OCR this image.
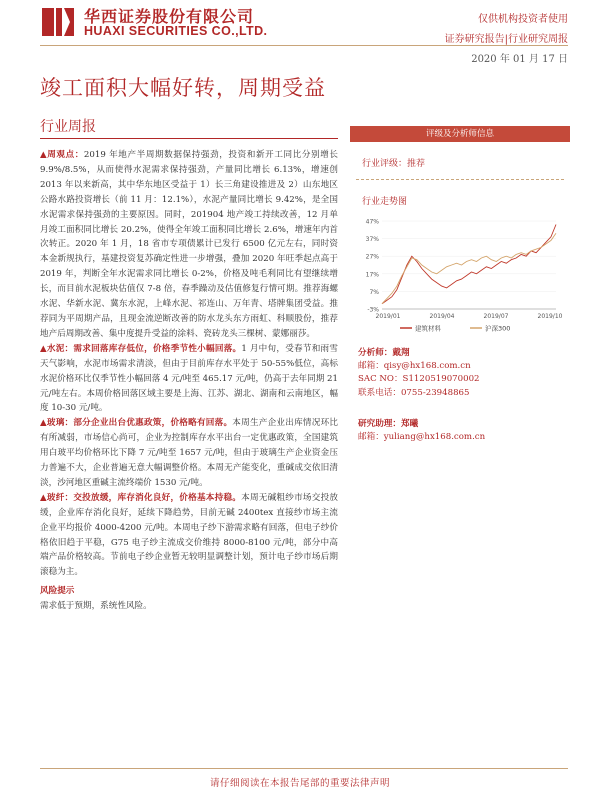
华西证券股份有限公司
HUAXI SECURITIES CO.,LTD.
仅供机构投资者使用
证券研究报告|行业研究周报
2020 年 01 月 17 日
竣工面积大幅好转，周期受益
行业周报

▲周观点：2019 年地产半周期数据保持强劲，投资和新开工同比分别增长 9.9%/8.5%，从而使得水泥需求保持强劲，产量同比增长 6.13%，增速创 2013 年以来新高，其中华东地区受益于 1）长三角建设推进及 2）山东地区公路水路投资增长（前 11 月：12.1%），水泥产量同比增长 9.42%，是全国水泥需求保持强劲的主要原因。同时，201904 地产竣工持续改善，12 月单月竣工面积同比增长 20.2%，使得全年竣工面积同比增长 2.6%，增速年内首次转正。2020 年 1 月，18 省市专项债累计已发行 6500 亿元左右，同时资本金新规执行，基建投资复苏确定性进一步增强，叠加 2020 年旺季起点高于 2019 年，判断全年水泥需求同比增长 0-2%，价格及吨毛利同比有望继续增长，而目前水泥板块估值仅 7-8 倍，春季躁动及估值修复行情可期。推荐海螺水泥、华新水泥、冀东水泥，上峰水泥、祁连山、万年青、塔牌集团受益。推荐同为平周期产品，且现金流逆断改善的防水龙头东方雨虹、科顺股份，推荐地产后周期改善、集中度提升受益的涂料、瓷砖龙头三棵树、蒙娜丽莎。

▲水泥：需求回落库存低位，价格季节性小幅回落。1 月中旬，受春节和雨雪天气影响，水泥市场需求清淡，但由于目前库存水平处于 50-55%低位，高标水泥价格环比仅季节性小幅回落 4 元/吨至 465.17 元/吨，仍高于去年同期 21 元/吨左右。本周价格回落区域主要是上海、江苏、湖北、湖南和云南地区，幅度 10-30 元/吨。

▲玻璃：部分企业出台优惠政策，价格略有回落。本周生产企业出库情况环比有所减弱，市场信心尚可，企业为控制库存水平出台一定优惠政策，全国建筑用白玻平均价格环比下降 7 元/吨至 1657 元/吨，但由于玻璃生产企业资金压力普遍不大，企业普遍无意大幅调整价格。本周无产能变化，重碱成交依旧清淡，沙河地区重碱主流终端价 1530 元/吨。

▲玻纤：交投放缓，库存消化良好，价格基本持稳。本周无碱粗纱市场交投放缓，企业库存消化良好，延续下降趋势，目前无碱 2400tex 直接纱市场主流企业平均报价 4000-4200 元/吨。本周电子纱下游需求略有回落，但电子纱价格依旧趋于平稳，G75 电子纱主流成交价维持 8000-8100 元/吨，部分中高端产品价格较高。节前电子纱企业暂无较明显调整计划，预计电子纱市场后期滚稳为主。

风险提示
需求低于预期，系统性风险。
评级及分析师信息
行业评级：推荐
行业走势图
47%
37%
27%
17%
7%
-3%
2019/01	2019/04	2019/07	2019/10
建筑材料	沪深300
分析师：戴翔
邮箱：qisy@hx168.com.cn
SAC NO：S1120519070002
联系电话：0755-23948865
研究助理：郑曦
邮箱：yuliang@hx168.com.cn
请仔细阅读在本报告尾部的重要法律声明
